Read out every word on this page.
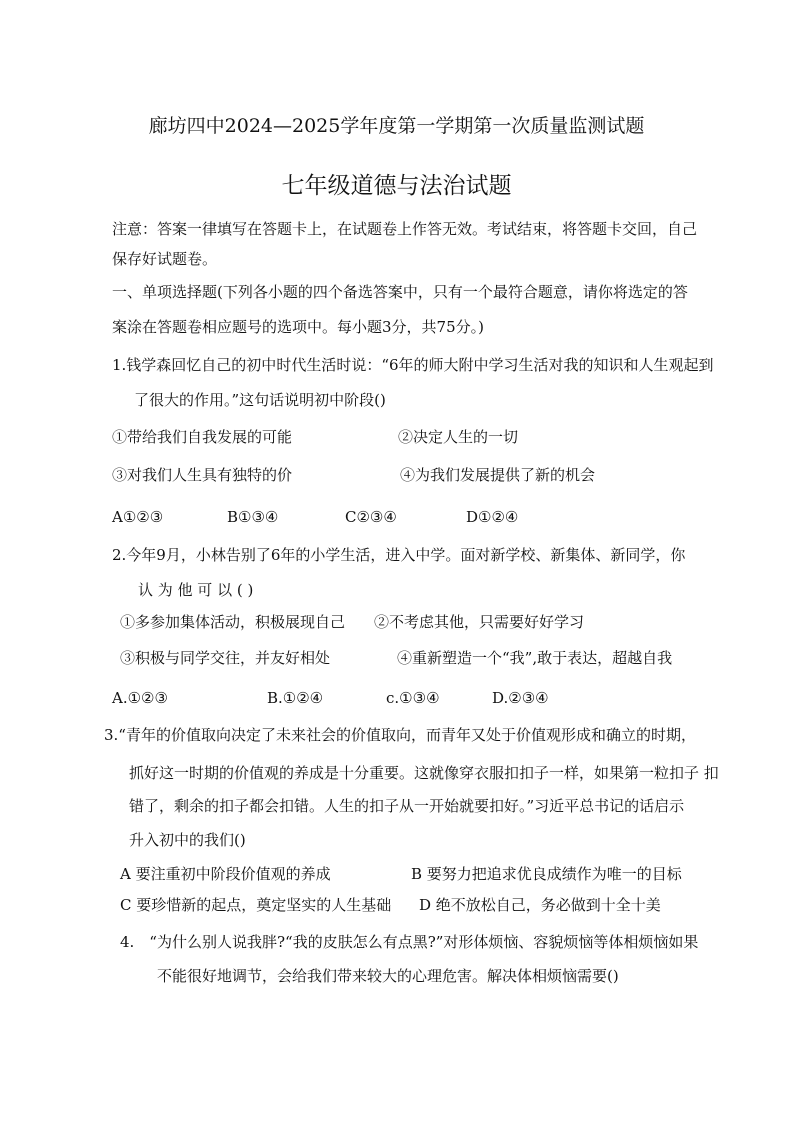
廊坊四中2024—2025学年度第一学期第一次质量监测试题
七年级道德与法治试题
注意：答案一律填写在答题卡上，在试题卷上作答无效。考试结束，将答题卡交回，自己
保存好试题卷。
一、单项选择题(下列各小题的四个备选答案中，只有一个最符合题意，请你将选定的答
案涂在答题卷相应题号的选项中。每小题3分，共75分。)
1.钱学森回忆自己的初中时代生活时说：“6年的师大附中学习生活对我的知识和人生观起到
了很大的作用。”这句话说明初中阶段()
①带给我们自我发展的可能	②决定人生的一切
③对我们人生具有独特的价	④为我们发展提供了新的机会
A①②③	B①③④	C②③④	D①②④
2.今年9月，小林告别了6年的小学生活，进入中学。面对新学校、新集体、新同学，你
认 为 他 可 以 ( )
①多参加集体活动，积极展现自己 ②不考虑其他，只需要好好学习
③积极与同学交往，并友好相处	④重新塑造一个“我”,敢于表达，超越自我
A.①②③	B.①②④	c.①③④	D.②③④
3.“青年的价值取向决定了未来社会的价值取向，而青年又处于价值观形成和确立的时期，
抓好这一时期的价值观的养成是十分重要。这就像穿衣服扣扣子一样，如果第一粒扣子 扣
错了，剩余的扣子都会扣错。人生的扣子从一开始就要扣好。”习近平总书记的话启示
升入初中的我们()
A 要注重初中阶段价值观的养成	B 要努力把追求优良成绩作为唯一的目标
C 要珍惜新的起点，奠定坚实的人生基础 D 绝不放松自己，务必做到十全十美
4.　“为什么别人说我胖?“我的皮肤怎么有点黑?”对形体烦恼、容貌烦恼等体相烦恼如果
不能很好地调节，会给我们带来较大的心理危害。解决体相烦恼需要()
